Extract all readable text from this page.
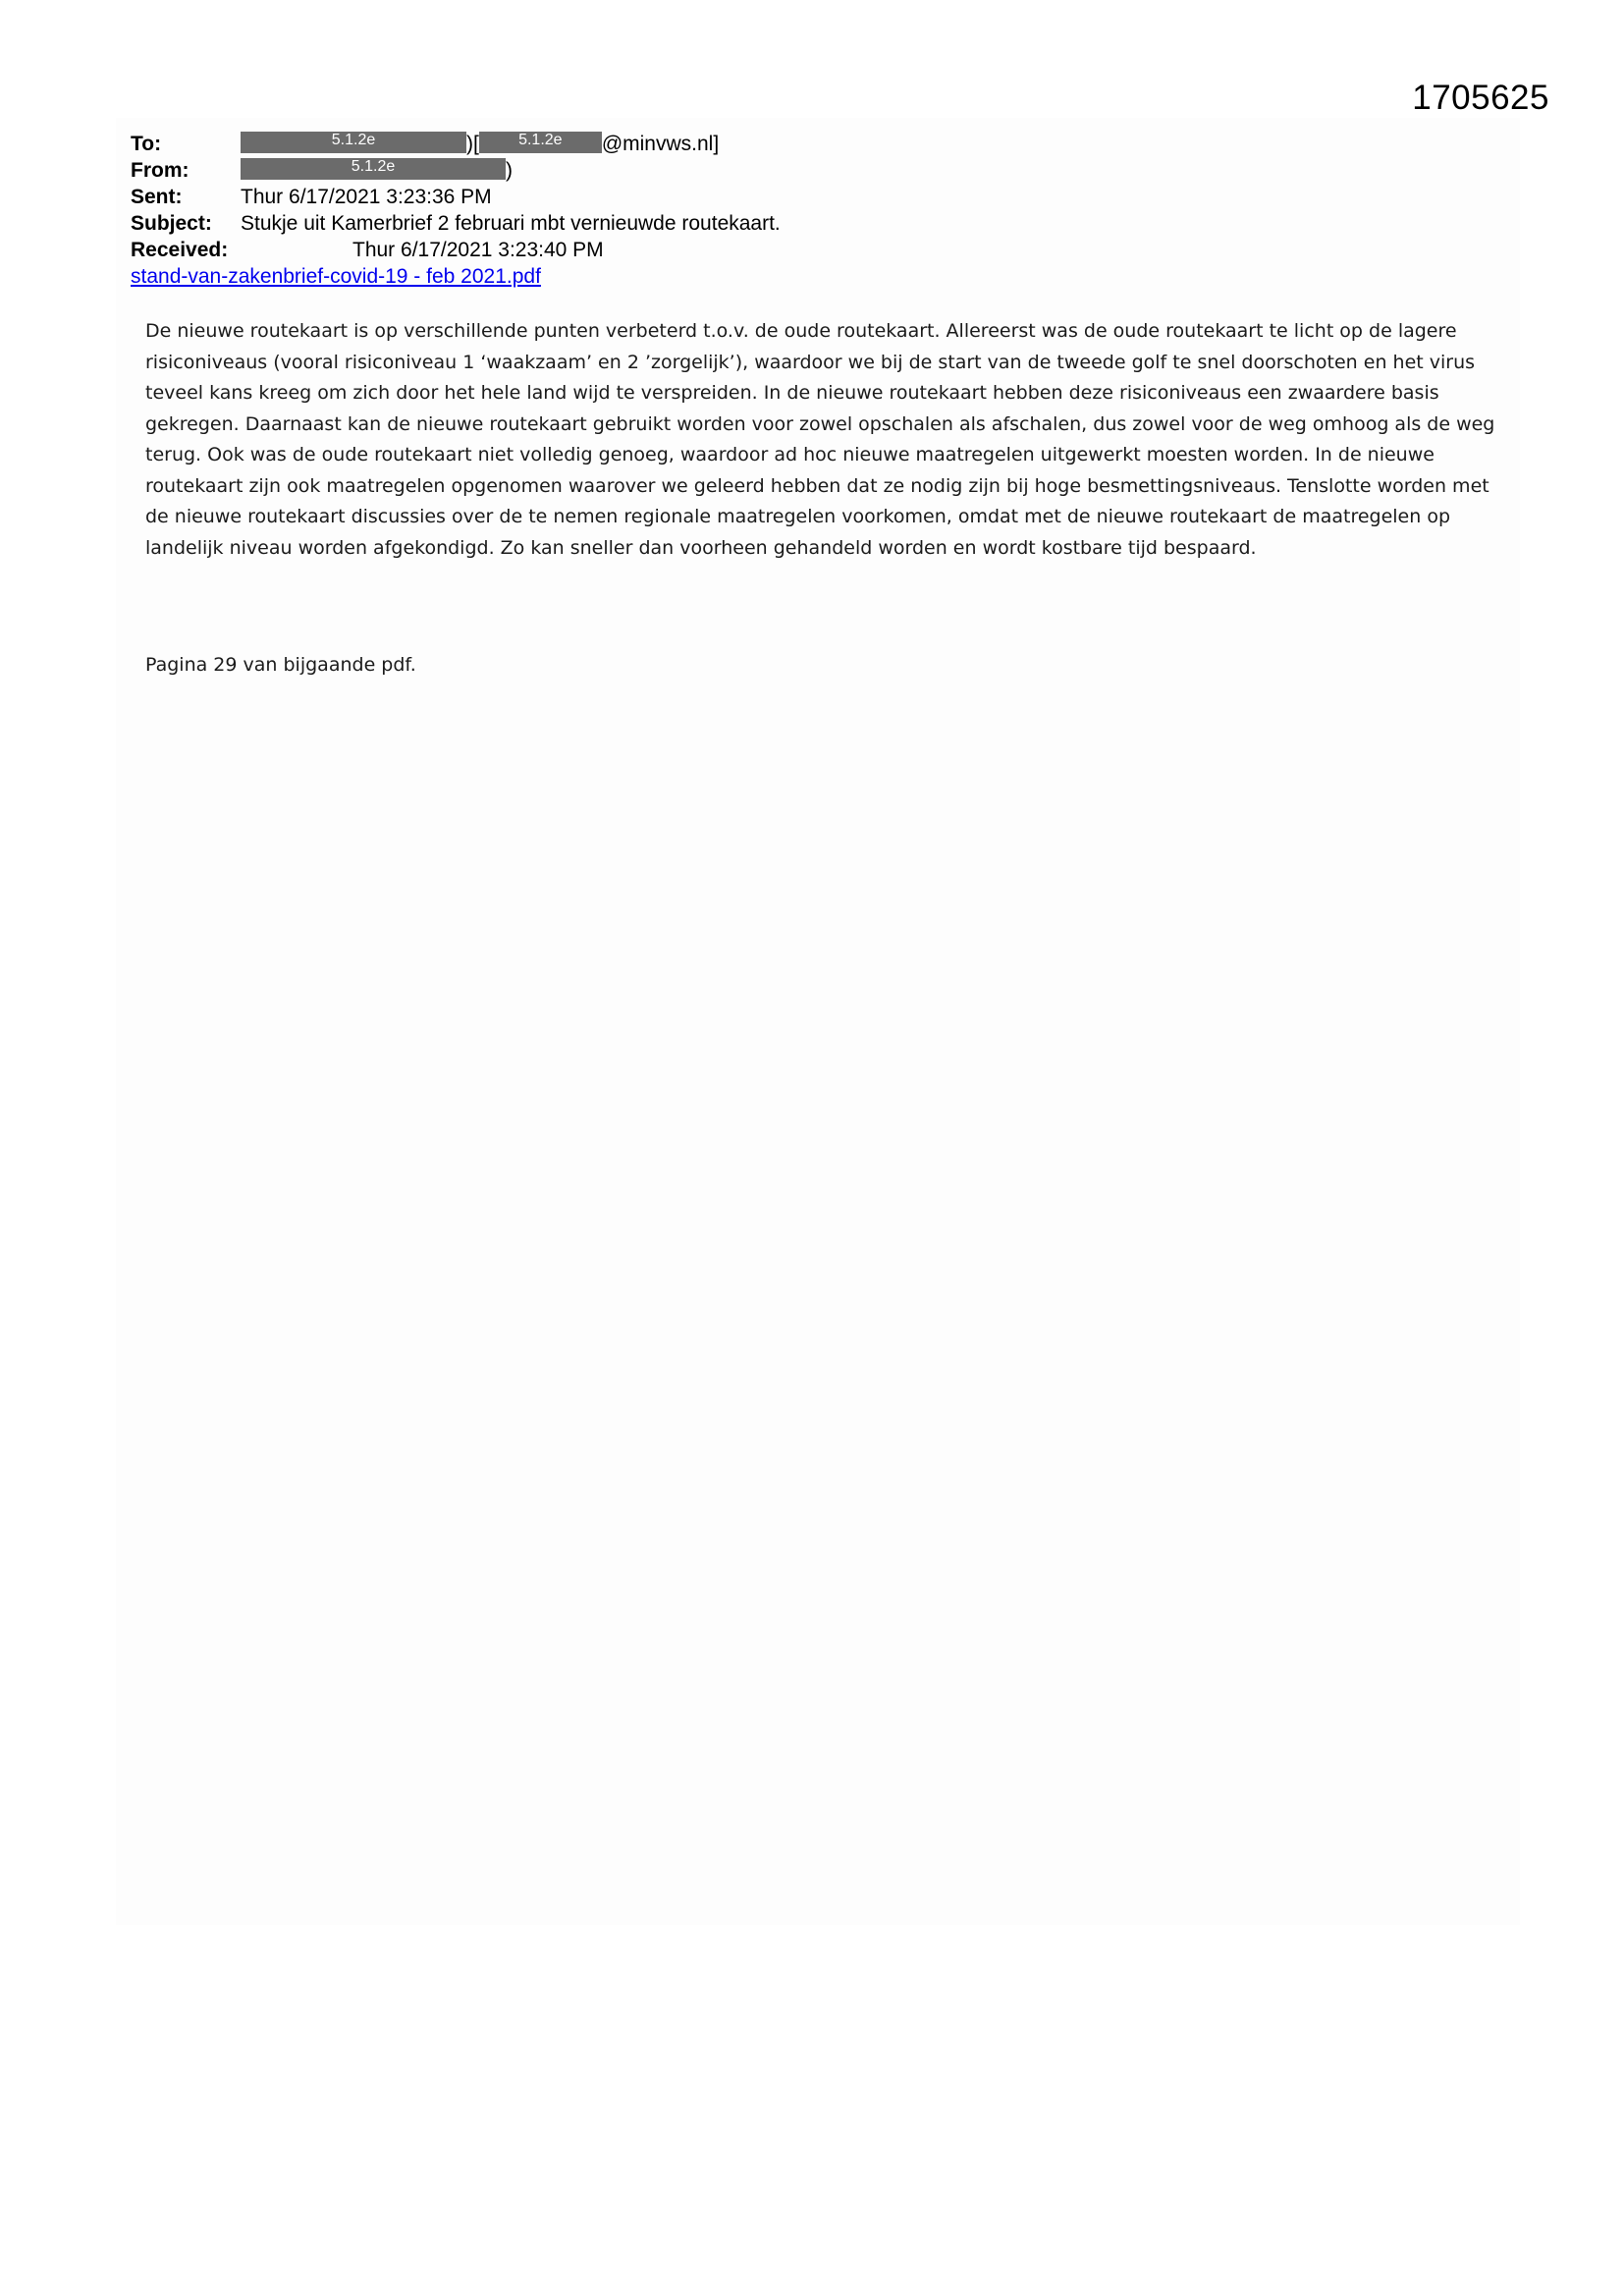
1705625
To:	5.1.2e	)[	5.1.2e @minvws.nl]
From:	5.1.2e	)
Sent:	Thur 6/17/2021 3:23:36 PM
Subject: Stukje uit Kamerbrief 2 februari mbt vernieuwde routekaart.
Received:	Thur 6/17/2021 3:23:40 PM
stand-van-zakenbrief-covid-19 - feb 2021.pdf
De nieuwe routekaart is op verschillende punten verbeterd t.o.v. de oude routekaart. Allereerst was de oude routekaart te licht op de lagere risiconiveaus (vooral risiconiveau 1 ‘waakzaam’ en 2 ’zorgelijk’), waardoor we bij de start van de tweede golf te snel doorschoten en het virus teveel kans kreeg om zich door het hele land wijd te verspreiden. In de nieuwe routekaart hebben deze risiconiveaus een zwaardere basis gekregen. Daarnaast kan de nieuwe routekaart gebruikt worden voor zowel opschalen als afschalen, dus zowel voor de weg omhoog als de weg terug. Ook was de oude routekaart niet volledig genoeg, waardoor ad hoc nieuwe maatregelen uitgewerkt moesten worden. In de nieuwe routekaart zijn ook maatregelen opgenomen waarover we geleerd hebben dat ze nodig zijn bij hoge besmettingsniveaus. Tenslotte worden met de nieuwe routekaart discussies over de te nemen regionale maatregelen voorkomen, omdat met de nieuwe routekaart de maatregelen op landelijk niveau worden afgekondigd. Zo kan sneller dan voorheen gehandeld worden en wordt kostbare tijd bespaard.
Pagina 29 van bijgaande pdf.
